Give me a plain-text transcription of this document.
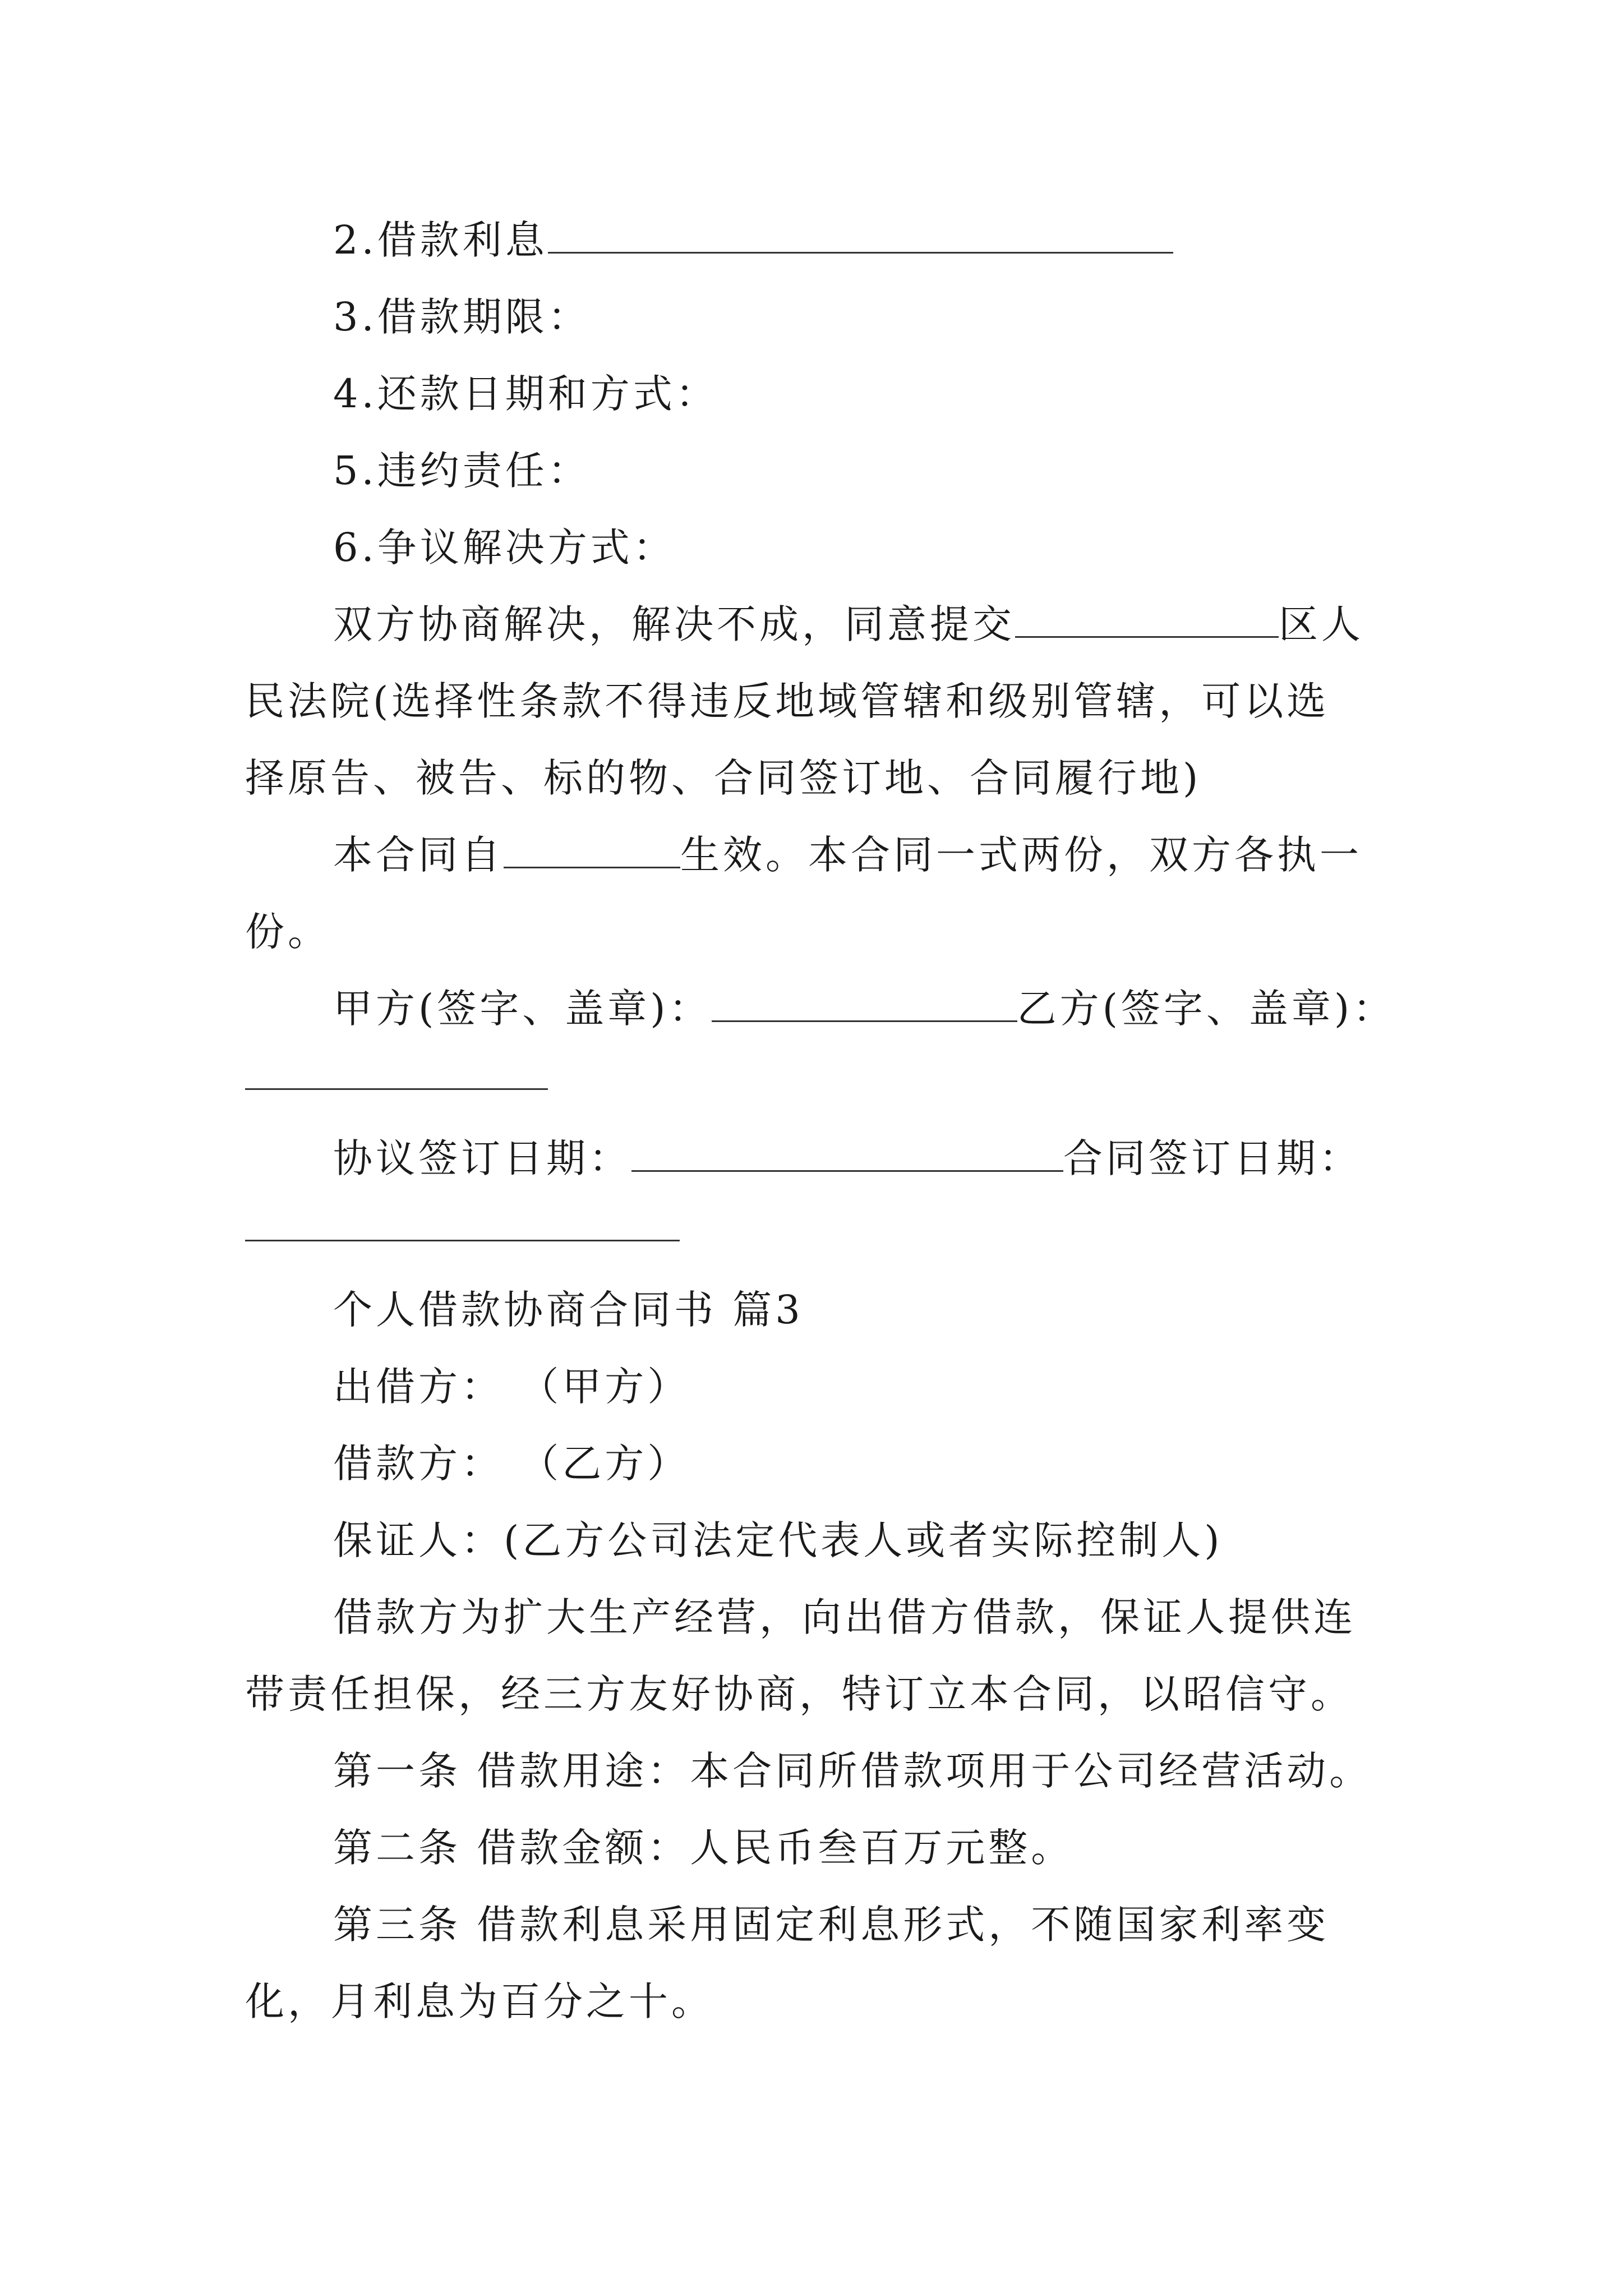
2.借款利息
3.借款期限：
4.还款日期和方式：
5.违约责任：
6.争议解决方式：
双方协商解决，解决不成，同意提交	区人
民法院(选择性条款不得违反地域管辖和级别管辖，可以选
择原告、被告、标的物、合同签订地、合同履行地)
本合同自	生效。本合同一式两份，双方各执一
份。
甲方(签字、盖章)：	乙方(签字、盖章)：
协议签订日期：	合同签订日期：
个人借款协商合同书 篇3
出借方： （甲方）
借款方： （乙方）
保证人：(乙方公司法定代表人或者实际控制人)
借款方为扩大生产经营，向出借方借款，保证人提供连
带责任担保，经三方友好协商，特订立本合同，以昭信守。
第一条 借款用途：本合同所借款项用于公司经营活动。
第二条 借款金额：人民币叁百万元整。
第三条 借款利息采用固定利息形式，不随国家利率变
化，月利息为百分之十。
